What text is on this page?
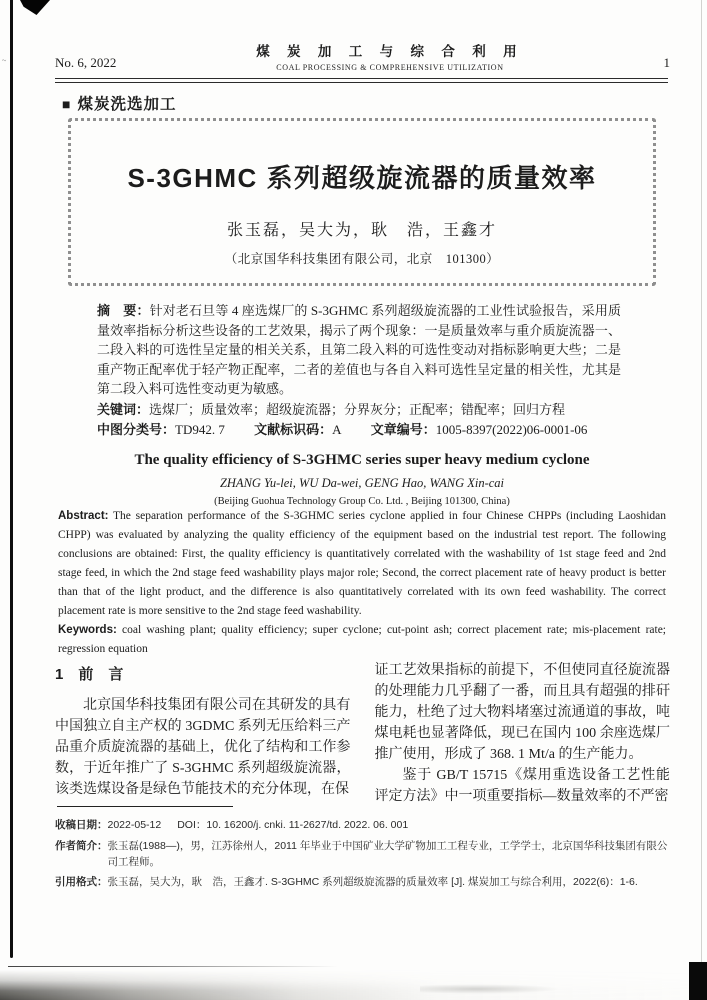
~	No. 6, 2022
煤 炭 加 工 与 综 合 利 用
COAL PROCESSING & COMPREHENSIVE UTILIZATION	1
■ 煤炭洗选加工
S-3GHMC 系列超级旋流器的质量效率
张玉磊，吴大为，耿　浩，王鑫才
（北京国华科技集团有限公司，北京　101300）

摘　要：针对老石旦等 4 座选煤厂的 S-3GHMC 系列超级旋流器的工业性试验报告，采用质量效率指标分析这些设备的工艺效果，揭示了两个现象：一是质量效率与重介质旋流器一、二段入料的可选性呈定量的相关关系，且第二段入料的可选性变动对指标影响更大些；二是重产物正配率优于轻产物正配率，二者的差值也与各自入料可选性呈定量的相关性，尤其是第二段入料可选性变动更为敏感。

关键词：选煤厂；质量效率；超级旋流器；分界灰分；正配率；错配率；回归方程

中图分类号：TD942. 7 文献标识码：A 文章编号：1005-8397(2022)06-0001-06

The quality efficiency of S-3GHMC series super heavy medium cyclone
ZHANG Yu-lei, WU Da-wei, GENG Hao, WANG Xin-cai
(Beijing Guohua Technology Group Co. Ltd. , Beijing 101300, China)

Abstract: The separation performance of the S-3GHMC series cyclone applied in four Chinese CHPPs (including Laoshidan CHPP) was evaluated by analyzing the quality efficiency of the equipment based on the industrial test report. The following conclusions are obtained: First, the quality efficiency is quantitatively correlated with the washability of 1st stage feed and 2nd stage feed, in which the 2nd stage feed washability plays major role; Second, the correct placement rate of heavy product is better than that of the light product, and the difference is also quantitatively correlated with its own feed washability. The correct placement rate is more sensitive to the 2nd stage feed washability.

Keywords: coal washing plant; quality efficiency; super cyclone; cut-point ash; correct placement rate; mis-placement rate; regression equation

1　前　言

北京国华科技集团有限公司在其研发的具有中国独立自主产权的 3GDMC 系列无压给料三产品重介质旋流器的基础上，优化了结构和工作参数，于近年推广了 S-3GHMC 系列超级旋流器，该类选煤设备是绿色节能技术的充分体现，在保

证工艺效果指标的前提下，不但使同直径旋流器的处理能力几乎翻了一番，而且具有超强的排矸能力，杜绝了过大物料堵塞过流通道的事故，吨煤电耗也显著降低，现已在国内 100 余座选煤厂推广使用，形成了 368. 1 Mt/a 的生产能力。

鉴于 GB/T 15715《煤用重选设备工艺性能评定方法》中一项重要指标—数量效率的不严密

收稿日期： 2022-05-12 DOI： 10. 16200/j. cnki. 11-2627/td. 2022. 06. 001
作者简介： 张玉磊(1988—)，男，江苏徐州人，2011 年毕业于中国矿业大学矿物加工工程专业，工学学士，北京国华科技集团有限公司工程师。
引用格式： 张玉磊，吴大为，耿　浩，王鑫才. S-3GHMC 系列超级旋流器的质量效率 [J]. 煤炭加工与综合利用，2022(6)：1-6.
